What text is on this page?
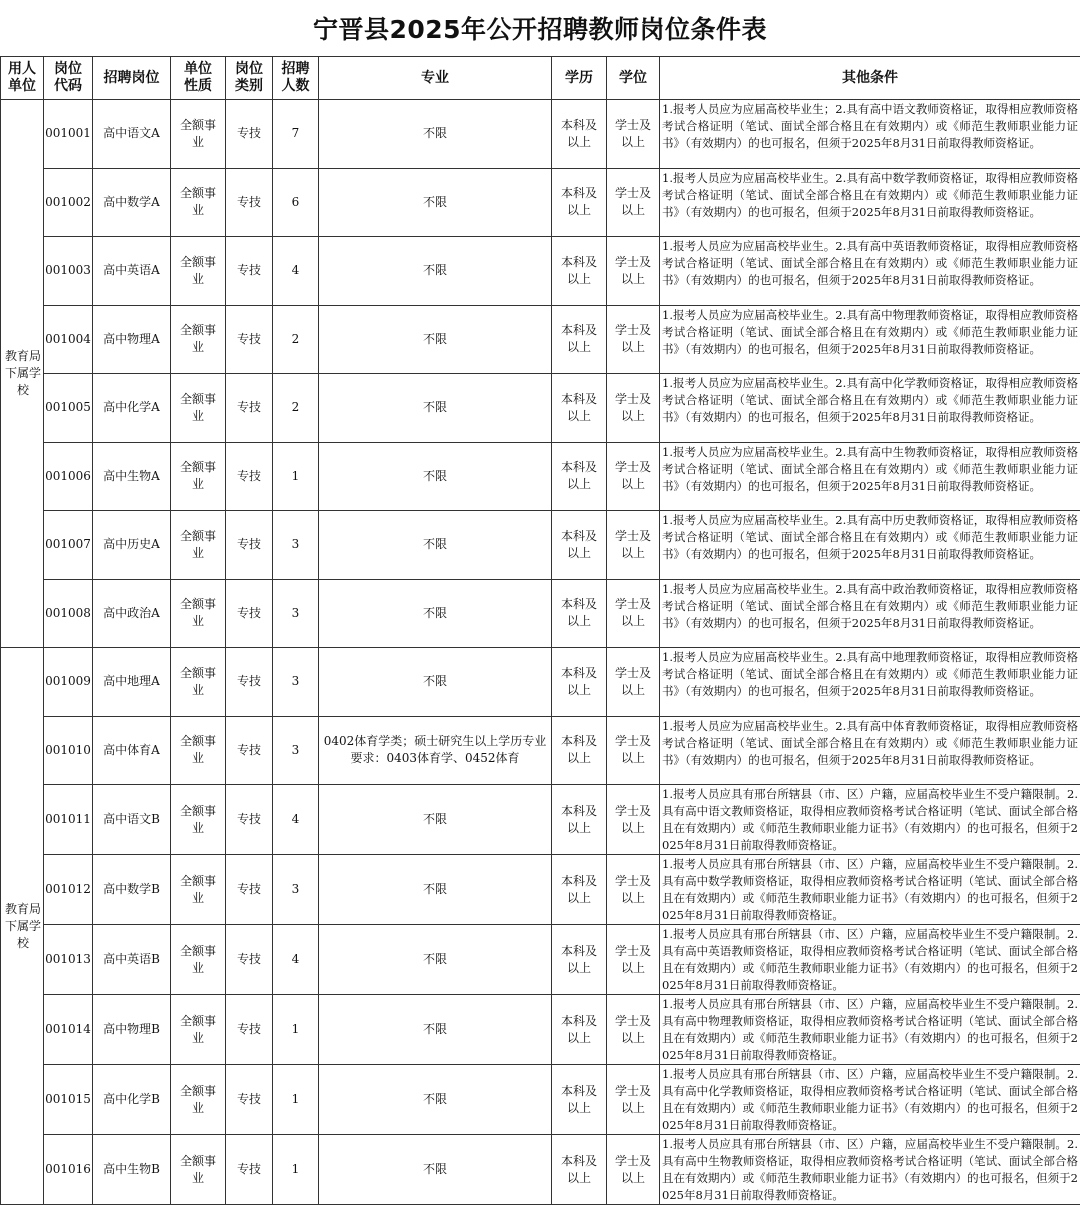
宁晋县2025年公开招聘教师岗位条件表
用人单位	岗位代码	招聘岗位	单位性质	岗位类别	招聘人数	专业	学历	学位	其他条件
教育局下属学校	001001	高中语文A	全额事业	专技	7	不限	本科及以上	学士及以上	1.报考人员应为应届高校毕业生；2.具有高中语文教师资格证，取得相应教师资格考试合格证明（笔试、面试全部合格且在有效期内）或《师范生教师职业能力证书》（有效期内）的也可报名，但须于2025年8月31日前取得教师资格证。
	001002	高中数学A	全额事业	专技	6	不限	本科及以上	学士及以上	1.报考人员应为应届高校毕业生。2.具有高中数学教师资格证，取得相应教师资格考试合格证明（笔试、面试全部合格且在有效期内）或《师范生教师职业能力证书》（有效期内）的也可报名，但须于2025年8月31日前取得教师资格证。
	001003	高中英语A	全额事业	专技	4	不限	本科及以上	学士及以上	1.报考人员应为应届高校毕业生。2.具有高中英语教师资格证，取得相应教师资格考试合格证明（笔试、面试全部合格且在有效期内）或《师范生教师职业能力证书》（有效期内）的也可报名，但须于2025年8月31日前取得教师资格证。
	001004	高中物理A	全额事业	专技	2	不限	本科及以上	学士及以上	1.报考人员应为应届高校毕业生。2.具有高中物理教师资格证，取得相应教师资格考试合格证明（笔试、面试全部合格且在有效期内）或《师范生教师职业能力证书》（有效期内）的也可报名，但须于2025年8月31日前取得教师资格证。
	001005	高中化学A	全额事业	专技	2	不限	本科及以上	学士及以上	1.报考人员应为应届高校毕业生。2.具有高中化学教师资格证，取得相应教师资格考试合格证明（笔试、面试全部合格且在有效期内）或《师范生教师职业能力证书》（有效期内）的也可报名，但须于2025年8月31日前取得教师资格证。
	001006	高中生物A	全额事业	专技	1	不限	本科及以上	学士及以上	1.报考人员应为应届高校毕业生。2.具有高中生物教师资格证，取得相应教师资格考试合格证明（笔试、面试全部合格且在有效期内）或《师范生教师职业能力证书》（有效期内）的也可报名，但须于2025年8月31日前取得教师资格证。
	001007	高中历史A	全额事业	专技	3	不限	本科及以上	学士及以上	1.报考人员应为应届高校毕业生。2.具有高中历史教师资格证，取得相应教师资格考试合格证明（笔试、面试全部合格且在有效期内）或《师范生教师职业能力证书》（有效期内）的也可报名，但须于2025年8月31日前取得教师资格证。
	001008	高中政治A	全额事业	专技	3	不限	本科及以上	学士及以上	1.报考人员应为应届高校毕业生。2.具有高中政治教师资格证，取得相应教师资格考试合格证明（笔试、面试全部合格且在有效期内）或《师范生教师职业能力证书》（有效期内）的也可报名，但须于2025年8月31日前取得教师资格证。
教育局下属学校	001009	高中地理A	全额事业	专技	3	不限	本科及以上	学士及以上	1.报考人员应为应届高校毕业生。2.具有高中地理教师资格证，取得相应教师资格考试合格证明（笔试、面试全部合格且在有效期内）或《师范生教师职业能力证书》（有效期内）的也可报名，但须于2025年8月31日前取得教师资格证。
	001010	高中体育A	全额事业	专技	3	0402体育学类；硕士研究生以上学历专业要求：0403体育学、0452体育	本科及以上	学士及以上	1.报考人员应为应届高校毕业生。2.具有高中体育教师资格证，取得相应教师资格考试合格证明（笔试、面试全部合格且在有效期内）或《师范生教师职业能力证书》（有效期内）的也可报名，但须于2025年8月31日前取得教师资格证。
	001011	高中语文B	全额事业	专技	4	不限	本科及以上	学士及以上	1.报考人员应具有邢台所辖县（市、区）户籍，应届高校毕业生不受户籍限制。2.具有高中语文教师资格证，取得相应教师资格考试合格证明（笔试、面试全部合格且在有效期内）或《师范生教师职业能力证书》（有效期内）的也可报名，但须于2025年8月31日前取得教师资格证。
	001012	高中数学B	全额事业	专技	3	不限	本科及以上	学士及以上	1.报考人员应具有邢台所辖县（市、区）户籍，应届高校毕业生不受户籍限制。2.具有高中数学教师资格证，取得相应教师资格考试合格证明（笔试、面试全部合格且在有效期内）或《师范生教师职业能力证书》（有效期内）的也可报名，但须于2025年8月31日前取得教师资格证。
	001013	高中英语B	全额事业	专技	4	不限	本科及以上	学士及以上	1.报考人员应具有邢台所辖县（市、区）户籍，应届高校毕业生不受户籍限制。2.具有高中英语教师资格证，取得相应教师资格考试合格证明（笔试、面试全部合格且在有效期内）或《师范生教师职业能力证书》（有效期内）的也可报名，但须于2025年8月31日前取得教师资格证。
	001014	高中物理B	全额事业	专技	1	不限	本科及以上	学士及以上	1.报考人员应具有邢台所辖县（市、区）户籍，应届高校毕业生不受户籍限制。2.具有高中物理教师资格证，取得相应教师资格考试合格证明（笔试、面试全部合格且在有效期内）或《师范生教师职业能力证书》（有效期内）的也可报名，但须于2025年8月31日前取得教师资格证。
	001015	高中化学B	全额事业	专技	1	不限	本科及以上	学士及以上	1.报考人员应具有邢台所辖县（市、区）户籍，应届高校毕业生不受户籍限制。2.具有高中化学教师资格证，取得相应教师资格考试合格证明（笔试、面试全部合格且在有效期内）或《师范生教师职业能力证书》（有效期内）的也可报名，但须于2025年8月31日前取得教师资格证。
	001016	高中生物B	全额事业	专技	1	不限	本科及以上	学士及以上	1.报考人员应具有邢台所辖县（市、区）户籍，应届高校毕业生不受户籍限制。2.具有高中生物教师资格证，取得相应教师资格考试合格证明（笔试、面试全部合格且在有效期内）或《师范生教师职业能力证书》（有效期内）的也可报名，但须于2025年8月31日前取得教师资格证。
